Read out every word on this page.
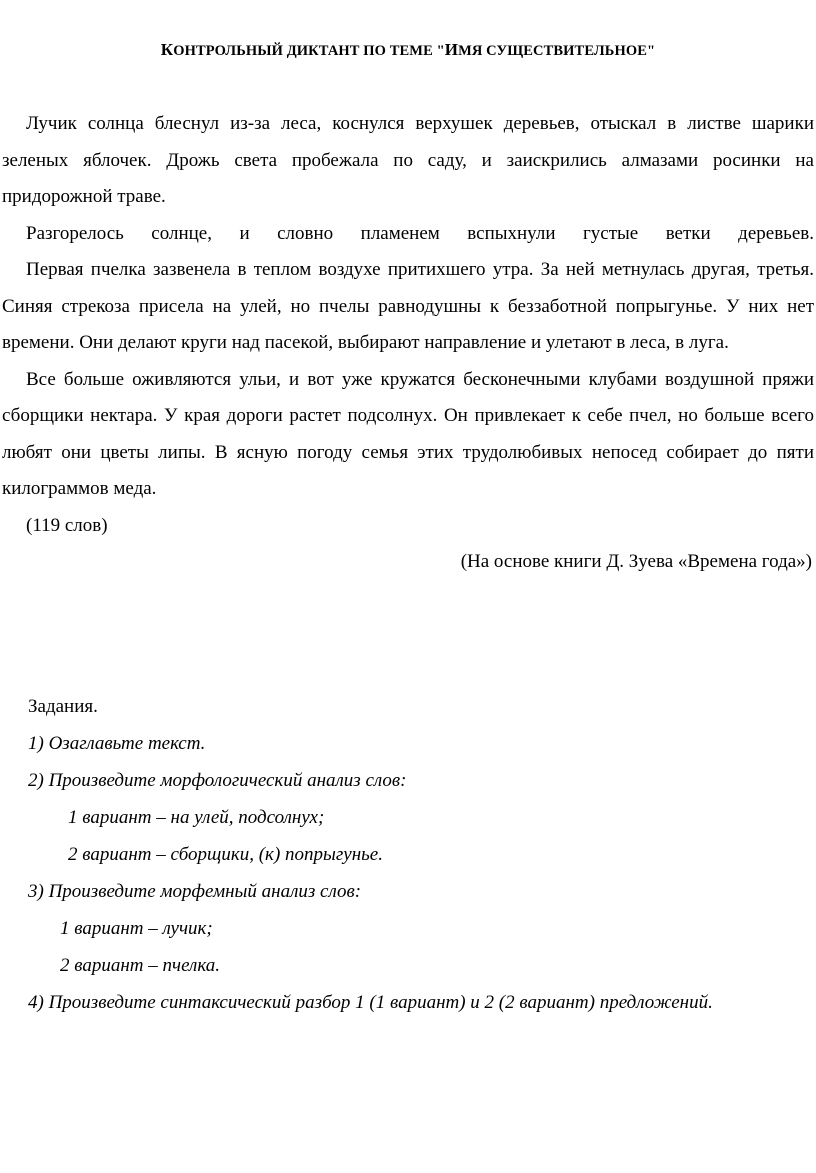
КОНТРОЛЬНЫЙ ДИКТАНТ ПО ТЕМЕ "ИМЯ СУЩЕСТВИТЕЛЬНОЕ"

Лучик солнца блеснул из-за леса, коснулся верхушек деревьев, отыскал в листве шарики зеленых яблочек. Дрожь света пробежала по саду, и заискрились алмазами росинки на придорожной траве.

Разгорелось солнце, и словно пламенем вспыхнули густые ветки деревьев.

Первая пчелка зазвенела в теплом воздухе притихшего утра. За ней метнулась другая, третья. Синяя стрекоза присела на улей, но пчелы равнодушны к беззаботной попрыгунье. У них нет времени. Они делают круги над пасекой, выбирают направление и улетают в леса, в луга.

Все больше оживляются ульи, и вот уже кружатся бесконечными клубами воздушной пряжи сборщики нектара. У края дороги растет подсолнух. Он привлекает к себе пчел, но больше всего любят они цветы липы. В ясную погоду семья этих трудолюбивых непосед собирает до пяти килограммов меда.

(119 слов)

(На основе книги Д. Зуева «Времена года»)

Задания.

1) Озаглавьте текст.

2) Произведите морфологический анализ слов:

1 вариант – на улей, подсолнух;

2 вариант – сборщики, (к) попрыгунье.

3) Произведите морфемный анализ слов:

1 вариант – лучик;

2 вариант – пчелка.

4) Произведите синтаксический разбор 1 (1 вариант) и 2 (2 вариант) предложений.
